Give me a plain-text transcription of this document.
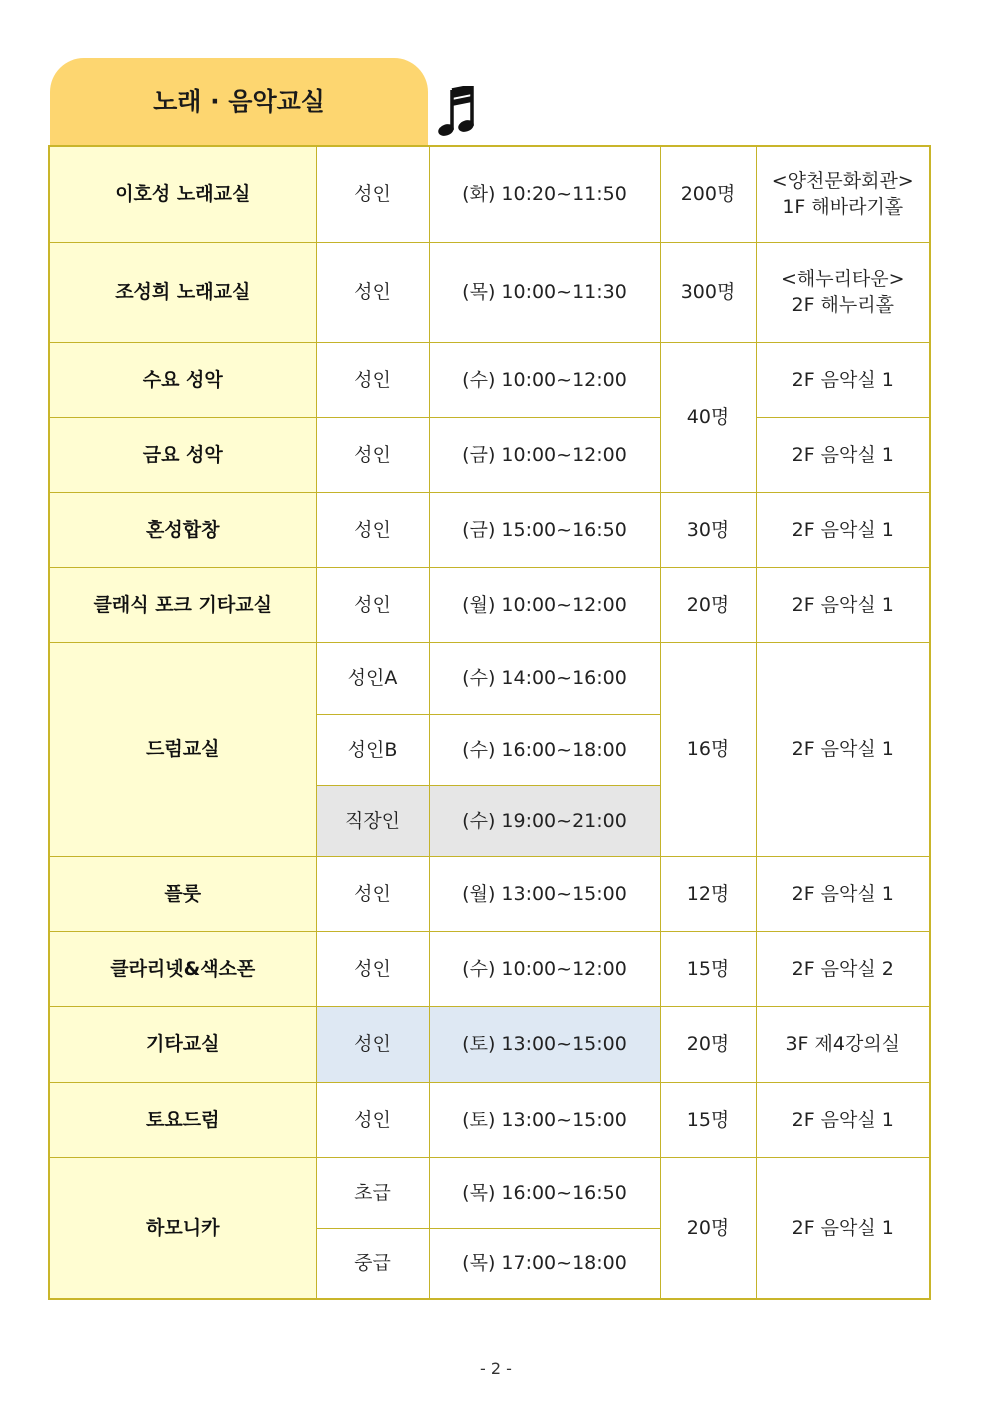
노래 · 음악교실
이호성 노래교실	성인	(화) 10:20~11:50	200명	<양천문화회관>
1F 해바라기홀

조성희 노래교실	성인	(목) 10:00~11:30	300명	<해누리타운>
2F 해누리홀

수요 성악	성인	(수) 10:00~12:00	40명	2F 음악실 1
금요 성악	성인	(금) 10:00~12:00		2F 음악실 1
혼성합창	성인	(금) 15:00~16:50	30명	2F 음악실 1
클래식 포크 기타교실	성인	(월) 10:00~12:00	20명	2F 음악실 1
드럼교실	성인A	(수) 14:00~16:00	16명	2F 음악실 1
	성인B	(수) 16:00~18:00		
	직장인	(수) 19:00~21:00		
플룻	성인	(월) 13:00~15:00	12명	2F 음악실 1
클라리넷&색소폰	성인	(수) 10:00~12:00	15명	2F 음악실 2
기타교실	성인	(토) 13:00~15:00	20명	3F 제4강의실
토요드럼	성인	(토) 13:00~15:00	15명	2F 음악실 1
하모니카	초급	(목) 16:00~16:50	20명	2F 음악실 1
	중급	(목) 17:00~18:00		
- 2 -
